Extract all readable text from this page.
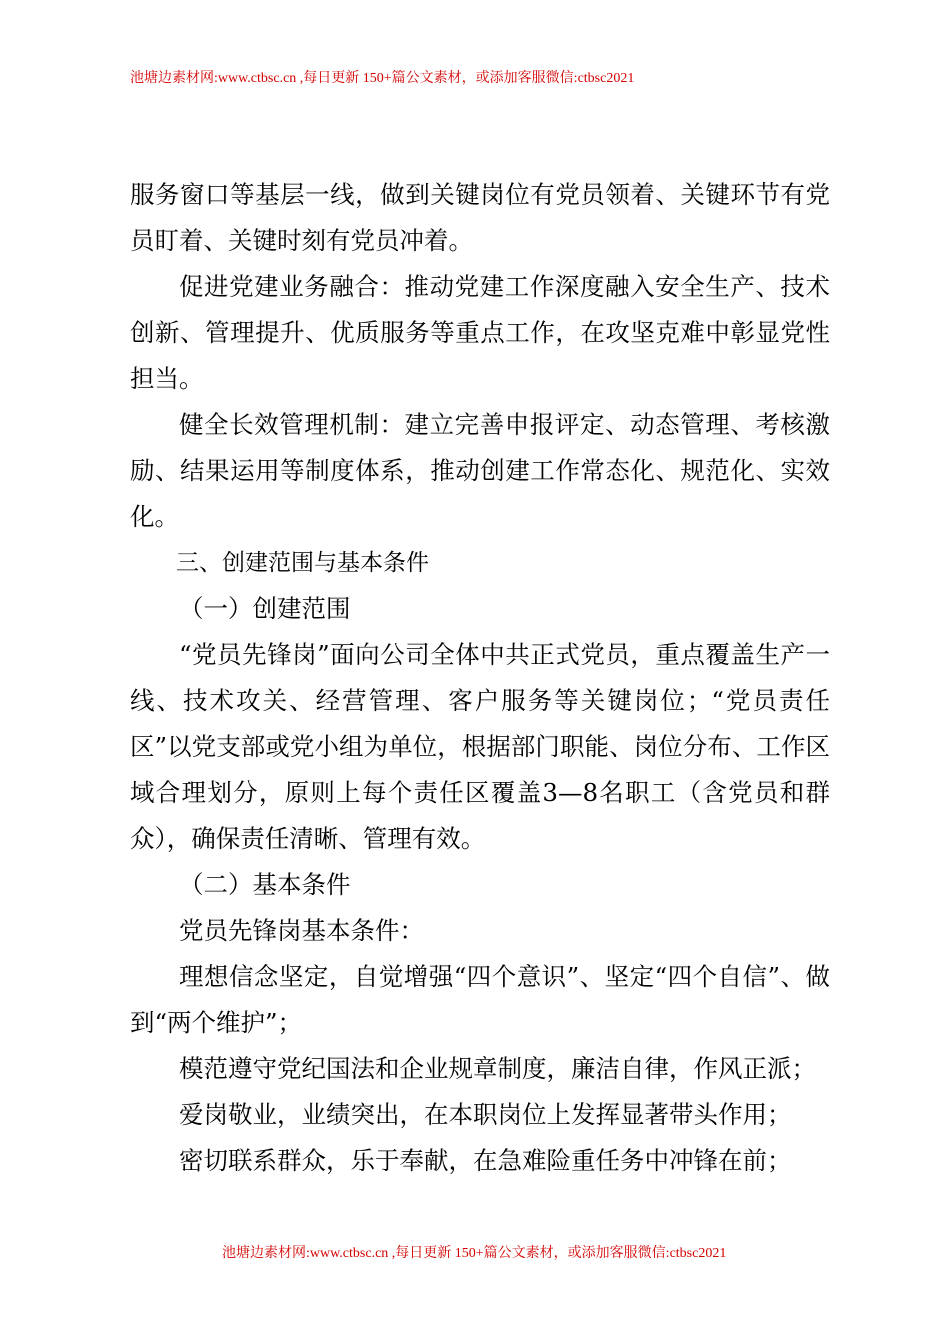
池塘边素材网:www.ctbsc.cn ,每日更新 150+篇公文素材，或添加客服微信:ctbsc2021

服务窗口等基层一线，做到关键岗位有党员领着、关键环节有党员盯着、关键时刻有党员冲着。

促进党建业务融合：推动党建工作深度融入安全生产、技术创新、管理提升、优质服务等重点工作，在攻坚克难中彰显党性担当。

健全长效管理机制：建立完善申报评定、动态管理、考核激励、结果运用等制度体系，推动创建工作常态化、规范化、实效化。

三、创建范围与基本条件

（一）创建范围

“党员先锋岗”面向公司全体中共正式党员，重点覆盖生产一线、技术攻关、经营管理、客户服务等关键岗位；“党员责任区”以党支部或党小组为单位，根据部门职能、岗位分布、工作区域合理划分，原则上每个责任区覆盖3—8名职工（含党员和群众），确保责任清晰、管理有效。

（二）基本条件

党员先锋岗基本条件：

理想信念坚定，自觉增强“四个意识”、坚定“四个自信”、做到“两个维护”；

模范遵守党纪国法和企业规章制度，廉洁自律，作风正派；

爱岗敬业，业绩突出，在本职岗位上发挥显著带头作用；

密切联系群众，乐于奉献，在急难险重任务中冲锋在前；

池塘边素材网:www.ctbsc.cn ,每日更新 150+篇公文素材，或添加客服微信:ctbsc2021
